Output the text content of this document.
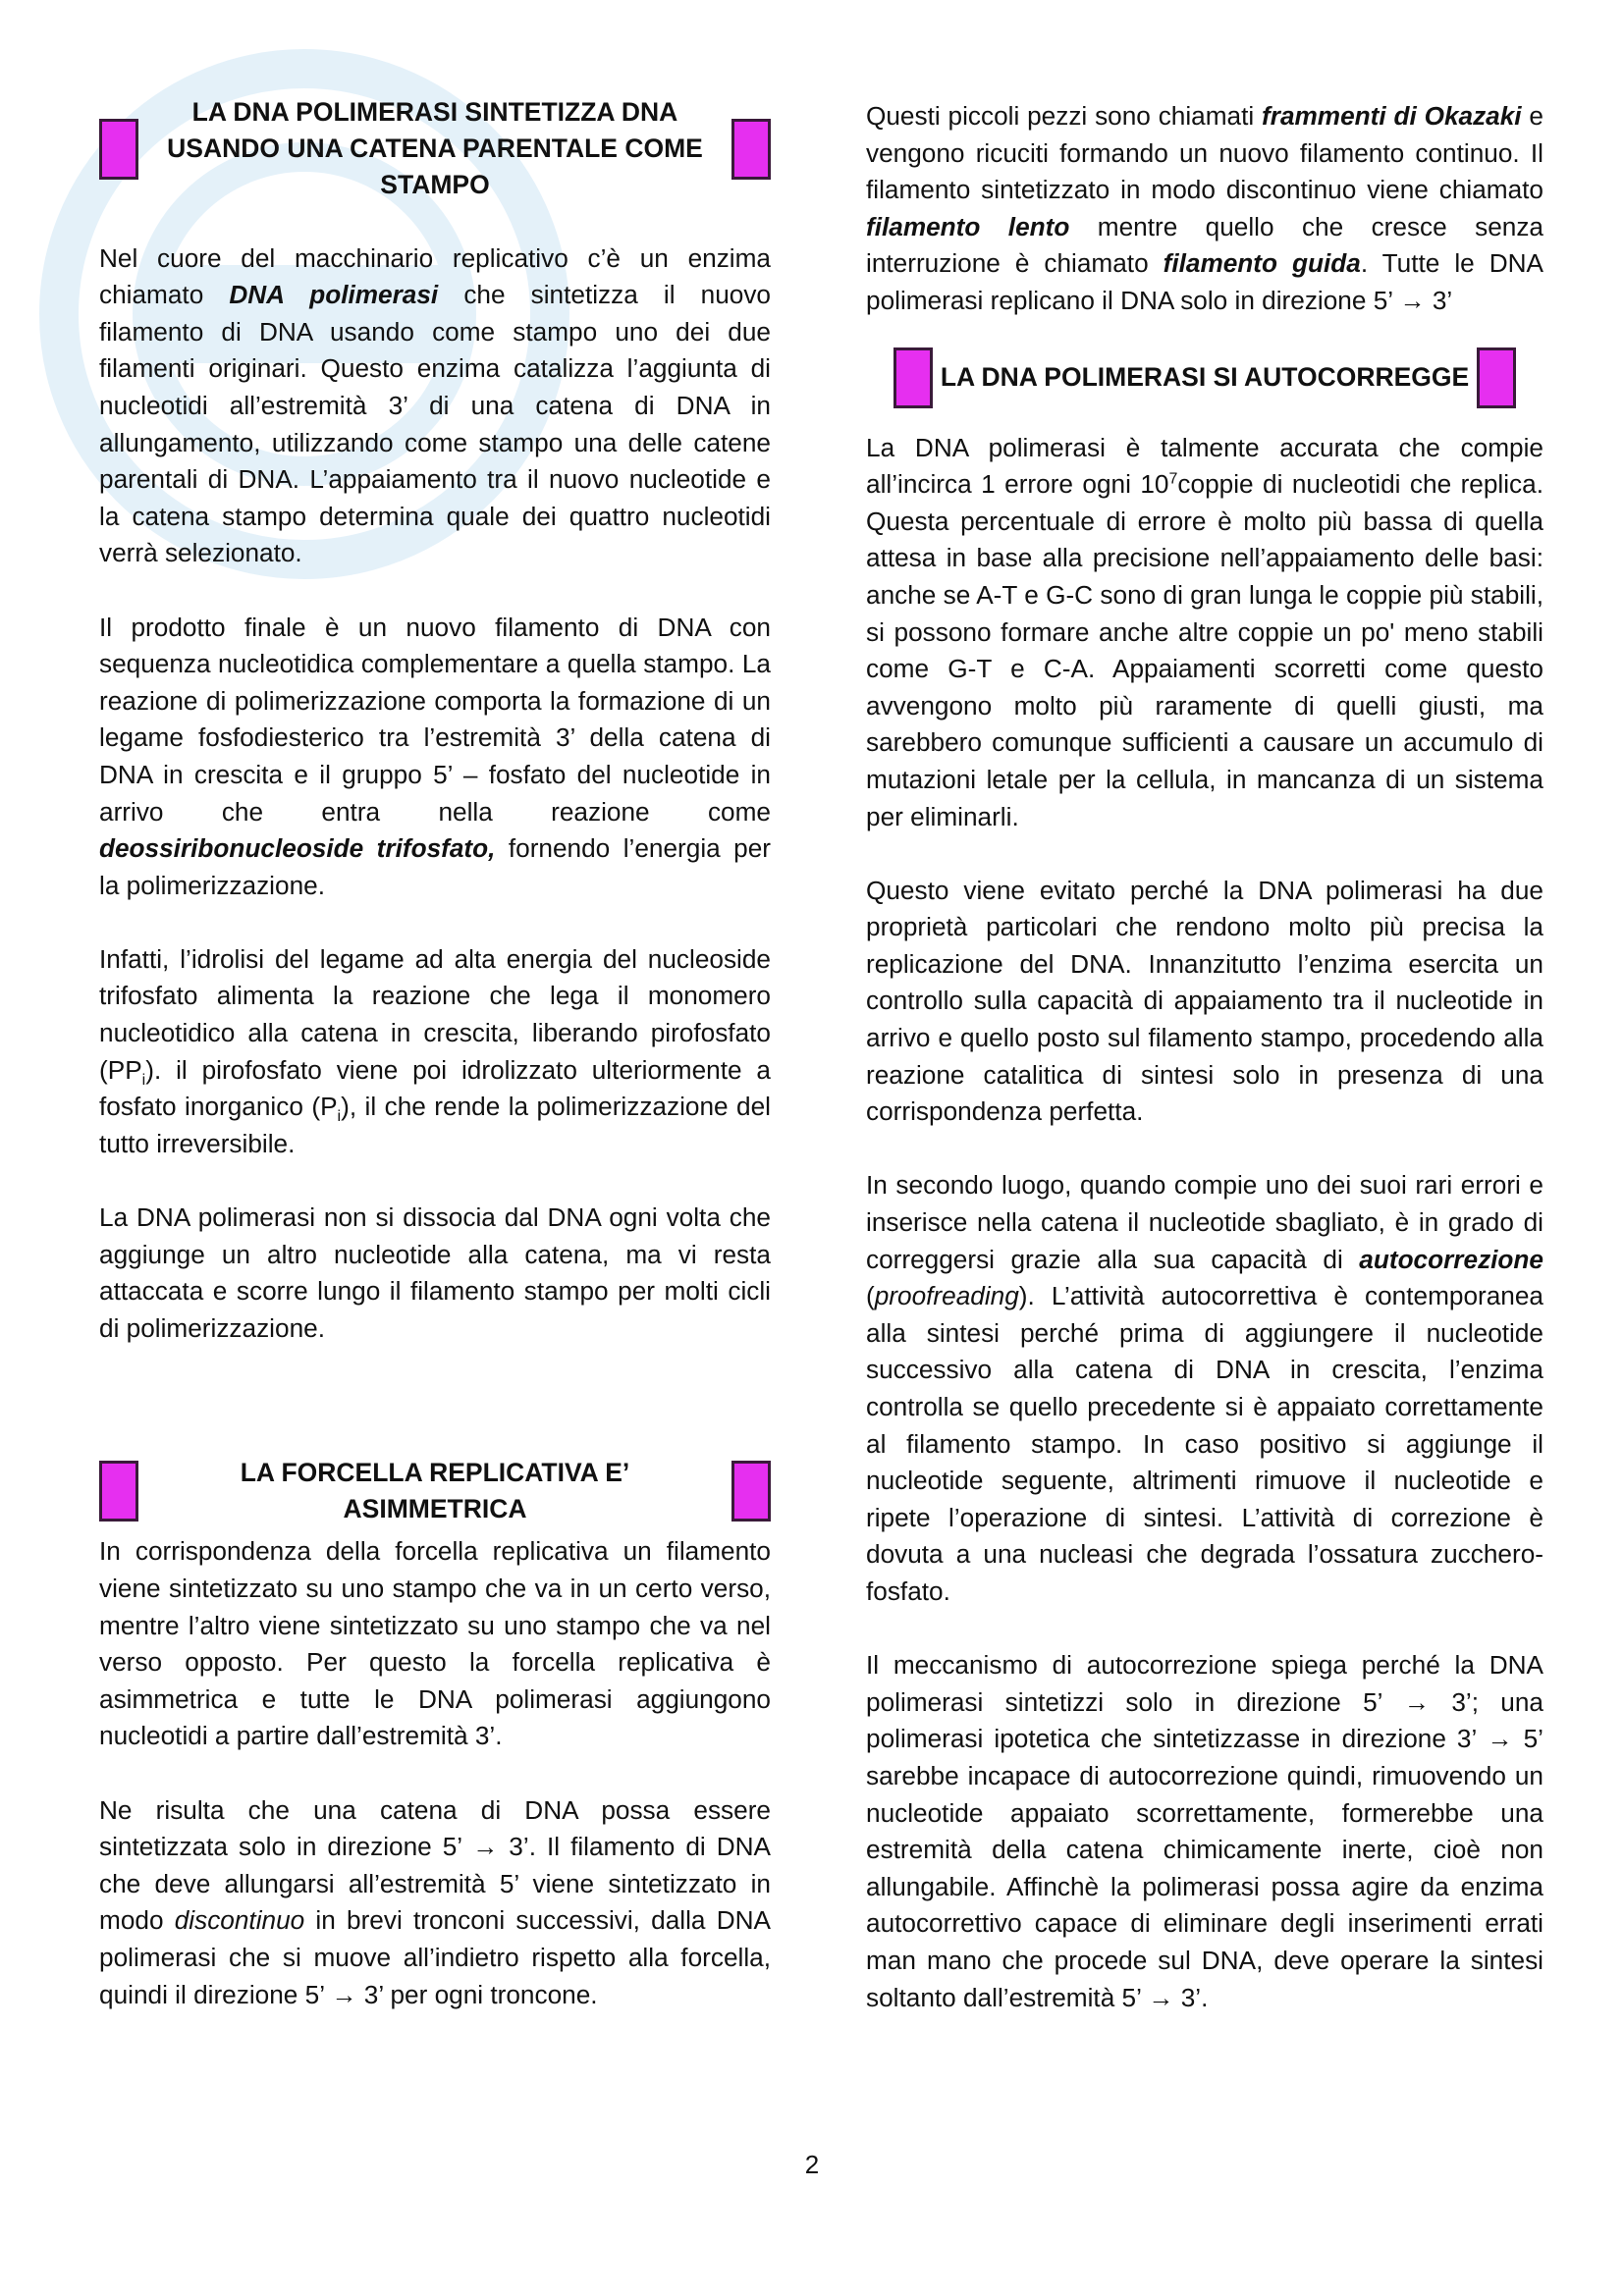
LA DNA POLIMERASI SINTETIZZA DNA USANDO UNA CATENA PARENTALE COME STAMPO

Nel cuore del macchinario replicativo c’è un enzima chiamato DNA polimerasi che sintetizza il nuovo filamento di DNA usando come stampo uno dei due filamenti originari. Questo enzima catalizza l’aggiunta di nucleotidi all’estremità 3’ di una catena di DNA in allungamento, utilizzando come stampo una delle catene parentali di DNA. L’appaiamento tra il nuovo nucleotide e la catena stampo determina quale dei quattro nucleotidi verrà selezionato.

Il prodotto finale è un nuovo filamento di DNA con sequenza nucleotidica complementare a quella stampo. La reazione di polimerizzazione comporta la formazione di un legame fosfodiesterico tra l’estremità 3’ della catena di DNA in crescita e il gruppo 5’ – fosfato del nucleotide in arrivo che entra nella reazione come deossiribonucleoside trifosfato, fornendo l’energia per la polimerizzazione.

Infatti, l’idrolisi del legame ad alta energia del nucleoside trifosfato alimenta la reazione che lega il monomero nucleotidico alla catena in crescita, liberando pirofosfato $(PP_i)$. il pirofosfato viene poi idrolizzato ulteriormente a fosfato inorganico $(P_i)$, il che rende la polimerizzazione del tutto irreversibile.

La DNA polimerasi non si dissocia dal DNA ogni volta che aggiunge un altro nucleotide alla catena, ma vi resta attaccata e scorre lungo il filamento stampo per molti cicli di polimerizzazione.

LA FORCELLA REPLICATIVA E’ ASIMMETRICA

In corrispondenza della forcella replicativa un filamento viene sintetizzato su uno stampo che va in un certo verso, mentre l’altro viene sintetizzato su uno stampo che va nel verso opposto. Per questo la forcella replicativa è asimmetrica e tutte le DNA polimerasi aggiungono nucleotidi a partire dall’estremità 3’.

Ne risulta che una catena di DNA possa essere sintetizzata solo in direzione 5’ → 3’. Il filamento di DNA che deve allungarsi all’estremità 5’ viene sintetizzato in modo discontinuo in brevi tronconi successivi, dalla DNA polimerasi che si muove all’indietro rispetto alla forcella, quindi il direzione 5’ → 3’ per ogni troncone.

Questi piccoli pezzi sono chiamati frammenti di Okazaki e vengono ricuciti formando un nuovo filamento continuo. Il filamento sintetizzato in modo discontinuo viene chiamato filamento lento mentre quello che cresce senza interruzione è chiamato filamento guida. Tutte le DNA polimerasi replicano il DNA solo in direzione 5’ → 3’

LA DNA POLIMERASI SI AUTOCORREGGE

La DNA polimerasi è talmente accurata che compie all’incirca 1 errore ogni $10^7coppie$ di nucleotidi che replica. Questa percentuale di errore è molto più bassa di quella attesa in base alla precisione nell’appaiamento delle basi: anche se A-T e G-C sono di gran lunga le coppie più stabili, si possono formare anche altre coppie un po' meno stabili come G-T e C-A. Appaiamenti scorretti come questo avvengono molto più raramente di quelli giusti, ma sarebbero comunque sufficienti a causare un accumulo di mutazioni letale per la cellula, in mancanza di un sistema per eliminarli.

Questo viene evitato perché la DNA polimerasi ha due proprietà particolari che rendono molto più precisa la replicazione del DNA. Innanzitutto l’enzima esercita un controllo sulla capacità di appaiamento tra il nucleotide in arrivo e quello posto sul filamento stampo, procedendo alla reazione catalitica di sintesi solo in presenza di una corrispondenza perfetta.

In secondo luogo, quando compie uno dei suoi rari errori e inserisce nella catena il nucleotide sbagliato, è in grado di correggersi grazie alla sua capacità di autocorrezione (proofreading). L’attività autocorrettiva è contemporanea alla sintesi perché prima di aggiungere il nucleotide successivo alla catena di DNA in crescita, l’enzima controlla se quello precedente si è appaiato correttamente al filamento stampo. In caso positivo si aggiunge il nucleotide seguente, altrimenti rimuove il nucleotide e ripete l’operazione di sintesi. L’attività di correzione è dovuta a una nucleasi che degrada l’ossatura zucchero-fosfato.

Il meccanismo di autocorrezione spiega perché la DNA polimerasi sintetizzi solo in direzione 5’ → 3’; una polimerasi ipotetica che sintetizzasse in direzione 3’ → 5’ sarebbe incapace di autocorrezione quindi, rimuovendo un nucleotide appaiato scorrettamente, formerebbe una estremità della catena chimicamente inerte, cioè non allungabile. Affinchè la polimerasi possa agire da enzima autocorrettivo capace di eliminare degli inserimenti errati man mano che procede sul DNA, deve operare la sintesi soltanto dall’estremità 5’ → 3’.

2
